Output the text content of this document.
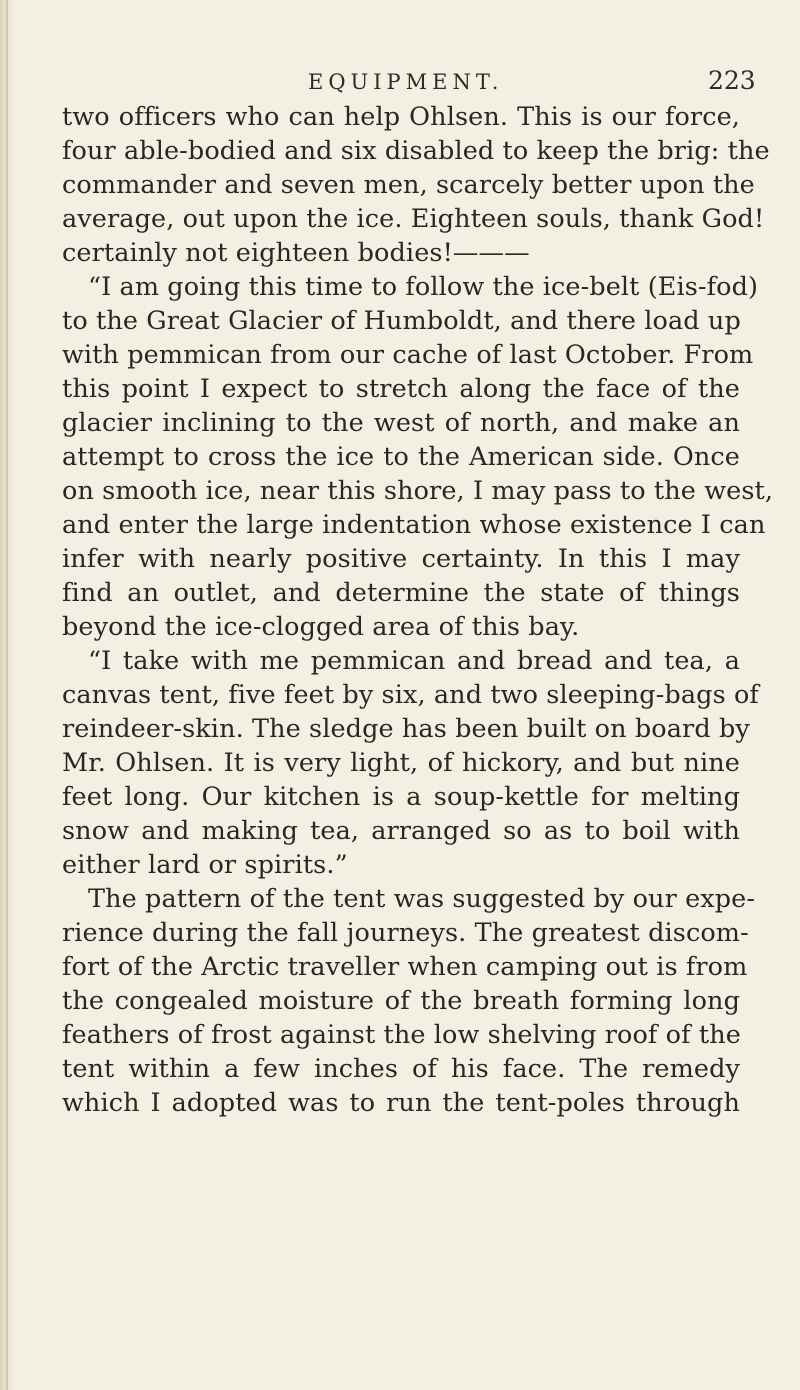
EQUIPMENT.	223
two officers who can help Ohlsen. This is our force,
four able-bodied and six disabled to keep the brig: the
commander and seven men, scarcely better upon the
average, out upon the ice. Eighteen souls, thank God!
certainly not eighteen bodies!———
“I am going this time to follow the ice-belt (Eis-fod)
to the Great Glacier of Humboldt, and there load up
with pemmican from our cache of last October. From
this point I expect to stretch along the face of the
glacier inclining to the west of north, and make an
attempt to cross the ice to the American side. Once
on smooth ice, near this shore, I may pass to the west,
and enter the large indentation whose existence I can
infer with nearly positive certainty. In this I may
find an outlet, and determine the state of things
beyond the ice-clogged area of this bay.
“I take with me pemmican and bread and tea, a
canvas tent, five feet by six, and two sleeping-bags of
reindeer-skin. The sledge has been built on board by
Mr. Ohlsen. It is very light, of hickory, and but nine
feet long. Our kitchen is a soup-kettle for melting
snow and making tea, arranged so as to boil with
either lard or spirits.”
The pattern of the tent was suggested by our expe-
rience during the fall journeys. The greatest discom-
fort of the Arctic traveller when camping out is from
the congealed moisture of the breath forming long
feathers of frost against the low shelving roof of the
tent within a few inches of his face. The remedy
which I adopted was to run the tent-poles through
